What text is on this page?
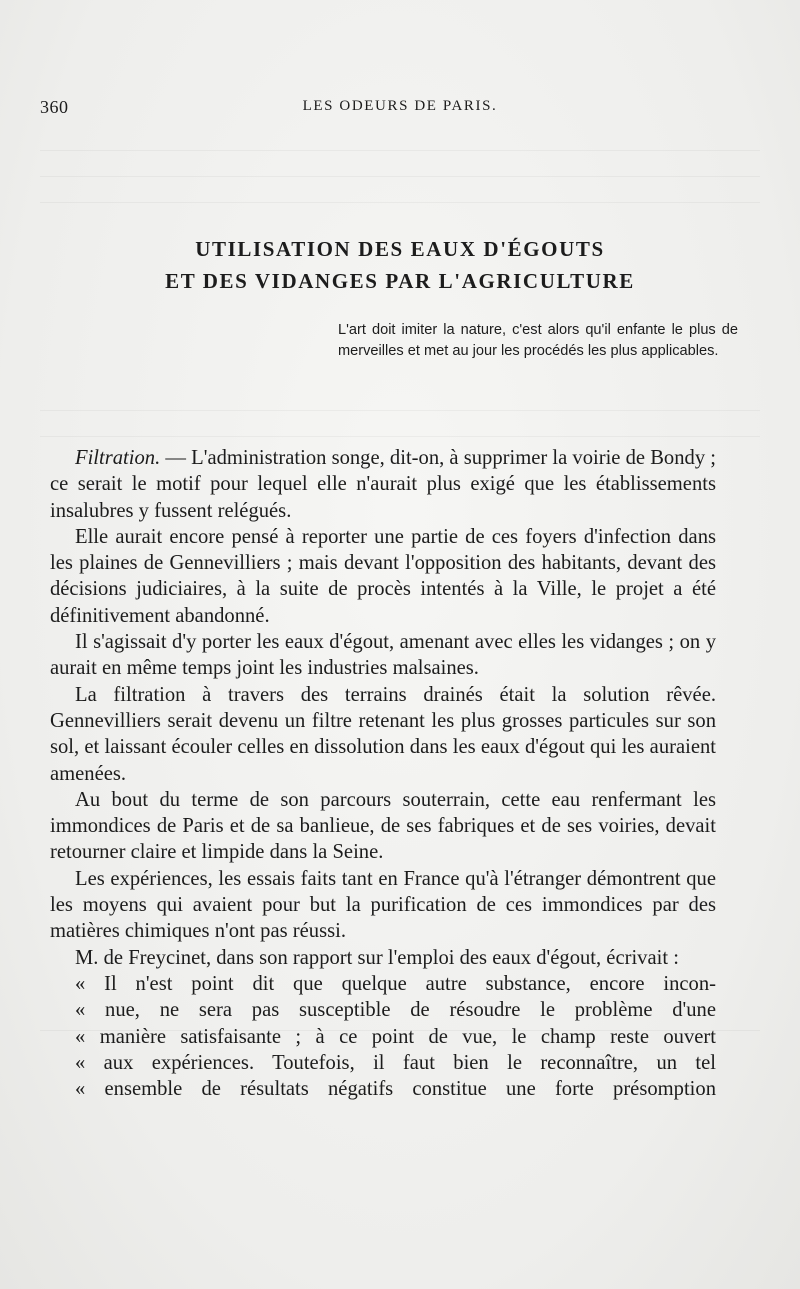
360	LES ODEURS DE PARIS.
UTILISATION DES EAUX D'ÉGOUTS
ET DES VIDANGES PAR L'AGRICULTURE
L'art doit imiter la nature, c'est alors qu'il enfante le plus de merveilles et met au jour les procédés les plus applicables.

Filtration. — L'administration songe, dit-on, à supprimer la voirie de Bondy ; ce serait le motif pour lequel elle n'aurait plus exigé que les établissements insalubres y fussent relégués.

Elle aurait encore pensé à reporter une partie de ces foyers d'infection dans les plaines de Gennevilliers ; mais devant l'opposition des habitants, devant des décisions judiciaires, à la suite de procès intentés à la Ville, le projet a été définitivement abandonné.

Il s'agissait d'y porter les eaux d'égout, amenant avec elles les vidanges ; on y aurait en même temps joint les industries malsaines.

La filtration à travers des terrains drainés était la solution rêvée. Gennevilliers serait devenu un filtre retenant les plus grosses particules sur son sol, et laissant écouler celles en dissolution dans les eaux d'égout qui les auraient amenées.

Au bout du terme de son parcours souterrain, cette eau renfermant les immondices de Paris et de sa banlieue, de ses fabriques et de ses voiries, devait retourner claire et limpide dans la Seine.

Les expériences, les essais faits tant en France qu'à l'étranger démontrent que les moyens qui avaient pour but la purification de ces immondices par des matières chimiques n'ont pas réussi.

M. de Freycinet, dans son rapport sur l'emploi des eaux d'égout, écrivait :

« Il n'est point dit que quelque autre substance, encore incon-

« nue, ne sera pas susceptible de résoudre le problème d'une

« manière satisfaisante ; à ce point de vue, le champ reste ouvert

« aux expériences. Toutefois, il faut bien le reconnaître, un tel

« ensemble de résultats négatifs constitue une forte présomption
